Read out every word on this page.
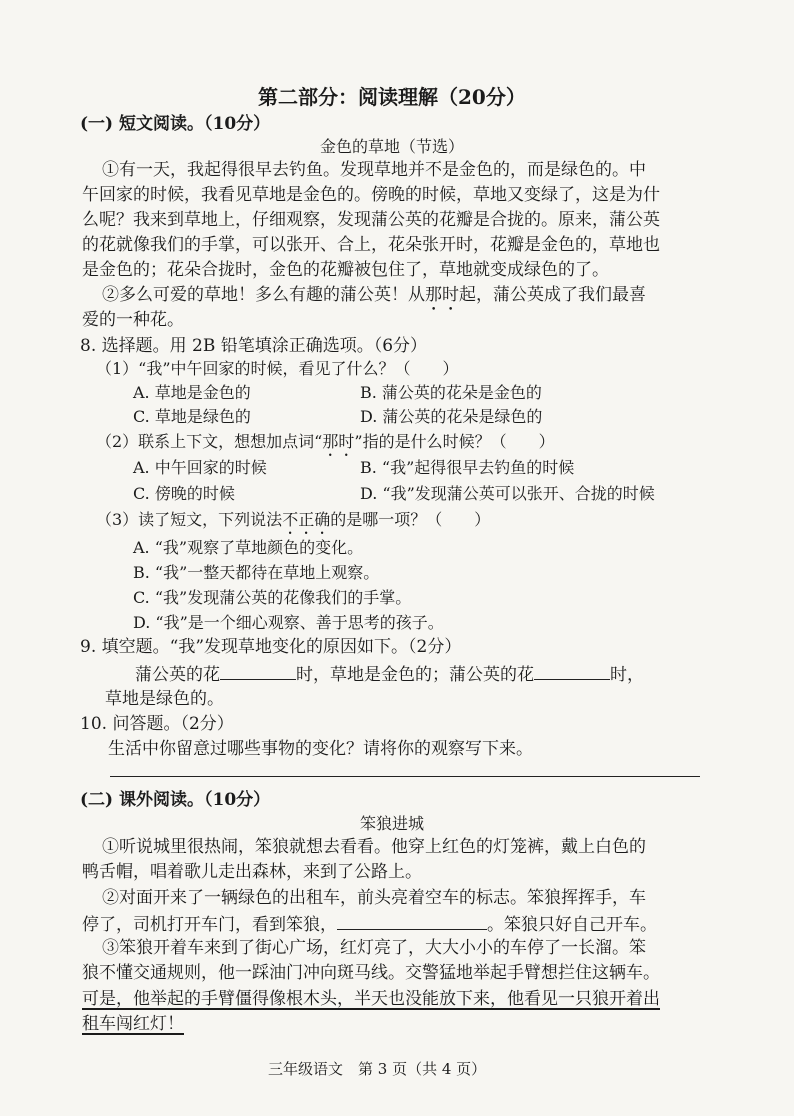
第二部分：阅读理解（20分）
(一) 短文阅读。（10分）
金色的草地（节选）
①有一天，我起得很早去钓鱼。发现草地并不是金色的，而是绿色的。中
午回家的时候，我看见草地是金色的。傍晚的时候，草地又变绿了，这是为什
么呢？我来到草地上，仔细观察，发现蒲公英的花瓣是合拢的。原来，蒲公英
的花就像我们的手掌，可以张开、合上，花朵张开时，花瓣是金色的，草地也
是金色的；花朵合拢时，金色的花瓣被包住了，草地就变成绿色的了。
②多么可爱的草地！多么有趣的蒲公英！从那时起，蒲公英成了我们最喜
爱的一种花。
8. 选择题。用 2B 铅笔填涂正确选项。（6分）
（1）“我”中午回家的时候，看见了什么？（　　）
A. 草地是金色的	B. 蒲公英的花朵是金色的
C. 草地是绿色的	D. 蒲公英的花朵是绿色的
（2）联系上下文，想想加点词“那时”指的是什么时候？（　　）
A. 中午回家的时候	B. “我”起得很早去钓鱼的时候
C. 傍晚的时候	D. “我”发现蒲公英可以张开、合拢的时候
（3）读了短文，下列说法不正确的是哪一项？（　　）
A. “我”观察了草地颜色的变化。
B. “我”一整天都待在草地上观察。
C. “我”发现蒲公英的花像我们的手掌。
D. “我”是一个细心观察、善于思考的孩子。
9. 填空题。“我”发现草地变化的原因如下。（2分）
蒲公英的花	时，草地是金色的；蒲公英的花	时，
草地是绿色的。
10. 问答题。（2分）
生活中你留意过哪些事物的变化？请将你的观察写下来。
(二) 课外阅读。（10分）
笨狼进城
①听说城里很热闹，笨狼就想去看看。他穿上红色的灯笼裤，戴上白色的
鸭舌帽，唱着歌儿走出森林，来到了公路上。
②对面开来了一辆绿色的出租车，前头亮着空车的标志。笨狼挥挥手，车
停了，司机打开车门，看到笨狼，	。笨狼只好自己开车。
③笨狼开着车来到了街心广场，红灯亮了，大大小小的车停了一长溜。笨
狼不懂交通规则，他一踩油门冲向斑马线。交警猛地举起手臂想拦住这辆车。
可是，他举起的手臂僵得像根木头，半天也没能放下来，他看见一只狼开着出
租车闯红灯！
三年级语文　第 3 页（共 4 页）
